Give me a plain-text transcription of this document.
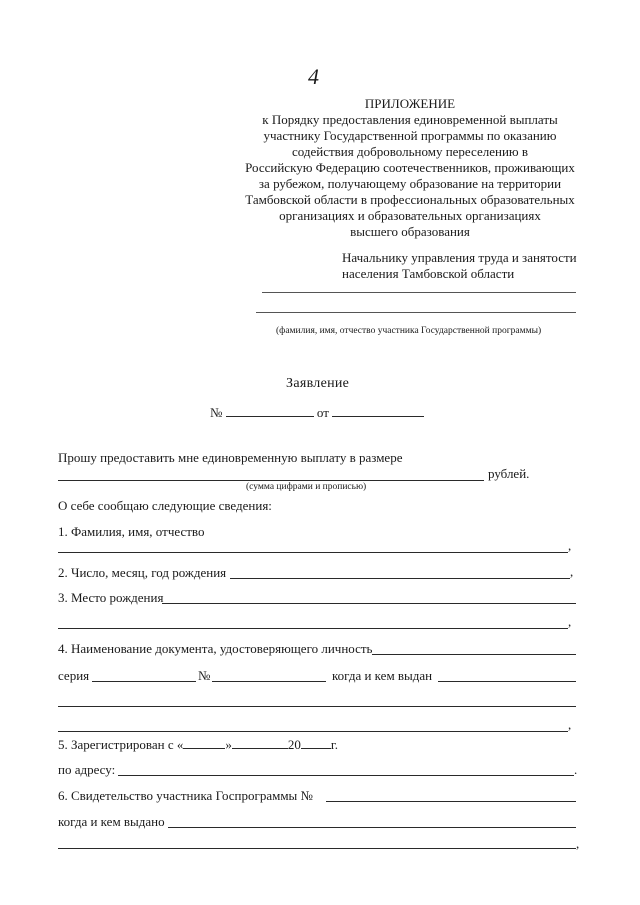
4
ПРИЛОЖЕНИЕ
к Порядку предоставления единовременной выплаты
участнику Государственной программы по оказанию
содействия добровольному переселению в
Российскую Федерацию соотечественников, проживающих
за рубежом, получающему образование на территории
Тамбовской области в профессиональных образовательных
организациях и образовательных организациях
высшего образования
Начальнику управления труда и занятости
населения Тамбовской области
(фамилия, имя, отчество участника Государственной программы)
Заявление
№	от
Прошу предоставить мне единовременную выплату в размере
рублей.
(сумма цифрами и прописью)
О себе сообщаю следующие сведения:
1. Фамилия, имя, отчество
,
2. Число, месяц, год рождения	,
3. Место рождения
,
4. Наименование документа, удостоверяющего личность
серия	№	когда и кем выдан
,
5. Зарегистрирован с «	»	20 г.
по адресу:	.
6. Свидетельство участника Госпрограммы №
когда и кем выдано
,
